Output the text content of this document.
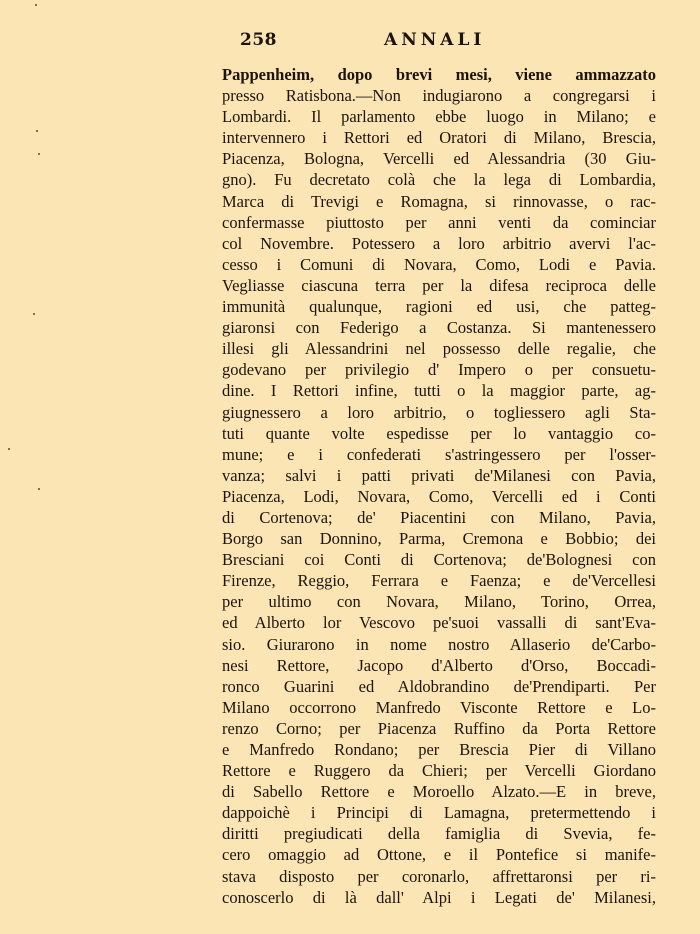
258	ANNALI
Pappenheim, dopo brevi mesi, viene ammazzato
presso Ratisbona.—Non indugiarono a congregarsi i
Lombardi. Il parlamento ebbe luogo in Milano; e
intervennero i Rettori ed Oratori di Milano, Brescia,
Piacenza, Bologna, Vercelli ed Alessandria (30 Giu-
gno). Fu decretato colà che la lega di Lombardia,
Marca di Trevigi e Romagna, si rinnovasse, o rac-
confermasse piuttosto per anni venti da cominciar
col Novembre. Potessero a loro arbitrio avervi l'ac-
cesso i Comuni di Novara, Como, Lodi e Pavia.
Vegliasse ciascuna terra per la difesa reciproca delle
immunità qualunque, ragioni ed usi, che patteg-
giaronsi con Federigo a Costanza. Si mantenessero
illesi gli Alessandrini nel possesso delle regalie, che
godevano per privilegio d' Impero o per consuetu-
dine. I Rettori infine, tutti o la maggior parte, ag-
giugnessero a loro arbitrio, o togliessero agli Sta-
tuti quante volte espedisse per lo vantaggio co-
mune; e i confederati s'astringessero per l'osser-
vanza; salvi i patti privati de'Milanesi con Pavia,
Piacenza, Lodi, Novara, Como, Vercelli ed i Conti
di Cortenova; de' Piacentini con Milano, Pavia,
Borgo san Donnino, Parma, Cremona e Bobbio; dei
Bresciani coi Conti di Cortenova; de'Bolognesi con
Firenze, Reggio, Ferrara e Faenza; e de'Vercellesi
per ultimo con Novara, Milano, Torino, Orrea,
ed Alberto lor Vescovo pe'suoi vassalli di sant'Eva-
sio. Giurarono in nome nostro Allaserio de'Carbo-
nesi Rettore, Jacopo d'Alberto d'Orso, Boccadi-
ronco Guarini ed Aldobrandino de'Prendiparti. Per
Milano occorrono Manfredo Visconte Rettore e Lo-
renzo Corno; per Piacenza Ruffino da Porta Rettore
e Manfredo Rondano; per Brescia Pier di Villano
Rettore e Ruggero da Chieri; per Vercelli Giordano
di Sabello Rettore e Moroello Alzato.—E in breve,
dappoichè i Principi di Lamagna, pretermettendo i
diritti pregiudicati della famiglia di Svevia, fe-
cero omaggio ad Ottone, e il Pontefice si manife-
stava disposto per coronarlo, affrettaronsi per ri-
conoscerlo di là dall' Alpi i Legati de' Milanesi,
